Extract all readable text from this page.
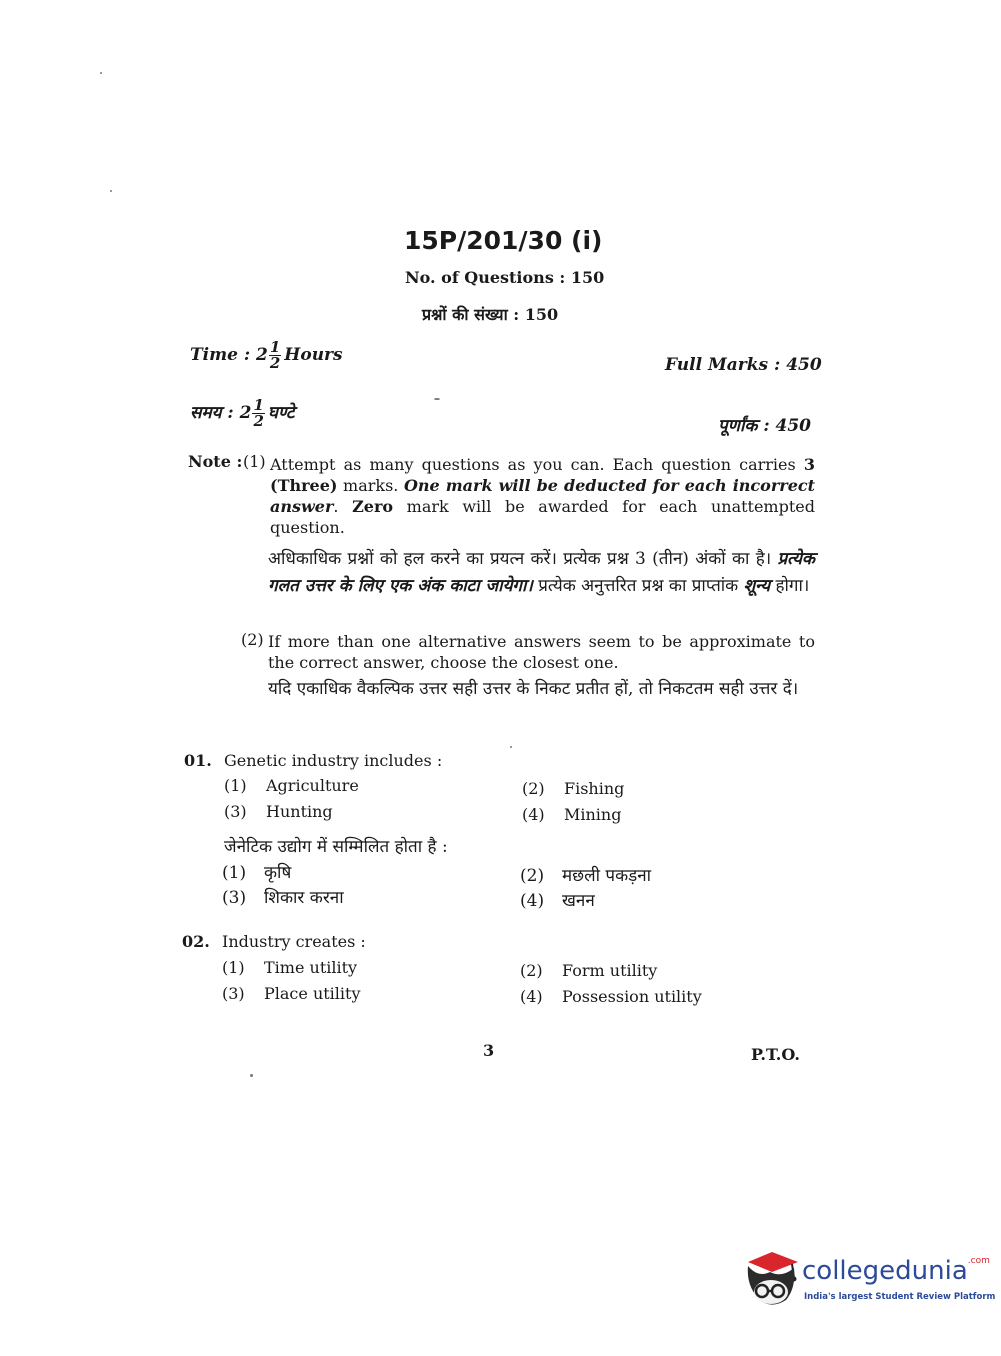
15P/201/30 (i)
No. of Questions : 150
प्रश्नों की संख्या : 150
Time : $2 \frac{1}{2}$ Hours	Full Marks : 450
समय : $2 \frac{1}{2}$ घण्टे
पूर्णांक : 450
Note : (1) Attempt as many questions as you can. Each question carries 3 (Three) marks. One mark will be deducted for each incorrect answer. Zero mark will be awarded for each unattempted question.
अधिकाधिक प्रश्नों को हल करने का प्रयत्न करें। प्रत्येक प्रश्न 3 (तीन) अंकों का है। प्रत्येक गलत उत्तर के लिए एक अंक काटा जायेगा। प्रत्येक अनुत्तरित प्रश्न का प्राप्तांक शून्य होगा।
(2) If more than one alternative answers seem to be approximate to the correct answer, choose the closest one.
यदि एकाधिक वैकल्पिक उत्तर सही उत्तर के निकट प्रतीत हों, तो निकटतम सही उत्तर दें।
01. Genetic industry includes :
(1) Agriculture	(2) Fishing
(3) Hunting	(4) Mining
जेनेटिक उद्योग में सम्मिलित होता है :
(1) कृषि	(2) मछली पकड़ना
(3) शिकार करना	(4) खनन
02. Industry creates :
(1) Time utility	(2) Form utility
(3) Place utility	(4) Possession utility
3	P.T.O.
collegedunia$^{.com}$
India's largest Student Review Platform
